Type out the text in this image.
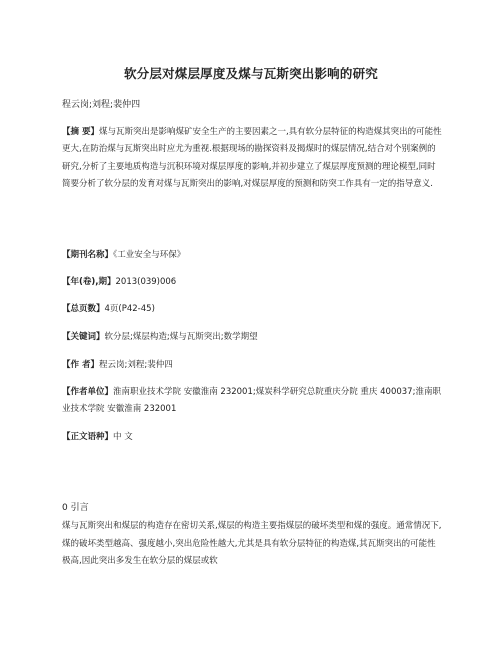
软分层对煤层厚度及煤与瓦斯突出影响的研究
程云岗;刘程;裴仲四

【摘 要】煤与瓦斯突出是影响煤矿安全生产的主要因素之一,具有软分层特征的构造煤其突出的可能性更大,在防治煤与瓦斯突出时应尤为重视.根据现场的勘探资料及揭煤时的煤层情况,结合对个别案例的研究,分析了主要地质构造与沉积环境对煤层厚度的影响,并初步建立了煤层厚度预测的理论模型,同时简要分析了软分层的发育对煤与瓦斯突出的影响,对煤层厚度的预测和防突工作具有一定的指导意义.

【期刊名称】《工业安全与环保》

【年(卷),期】2013(039)006

【总页数】4页(P42-45)

【关键词】软分层;煤层构造;煤与瓦斯突出;数学期望

【作 者】程云岗;刘程;裴仲四

【作者单位】淮南职业技术学院 安徽淮南 232001;煤炭科学研究总院重庆分院 重庆 400037;淮南职业技术学院 安徽淮南 232001

【正文语种】中 文

0 引言

煤与瓦斯突出和煤层的构造存在密切关系,煤层的构造主要指煤层的破坏类型和煤的强度。通常情况下,煤的破坏类型越高、强度越小,突出危险性越大,尤其是具有软分层特征的构造煤,其瓦斯突出的可能性极高,因此突出多发生在软分层的煤层或软
